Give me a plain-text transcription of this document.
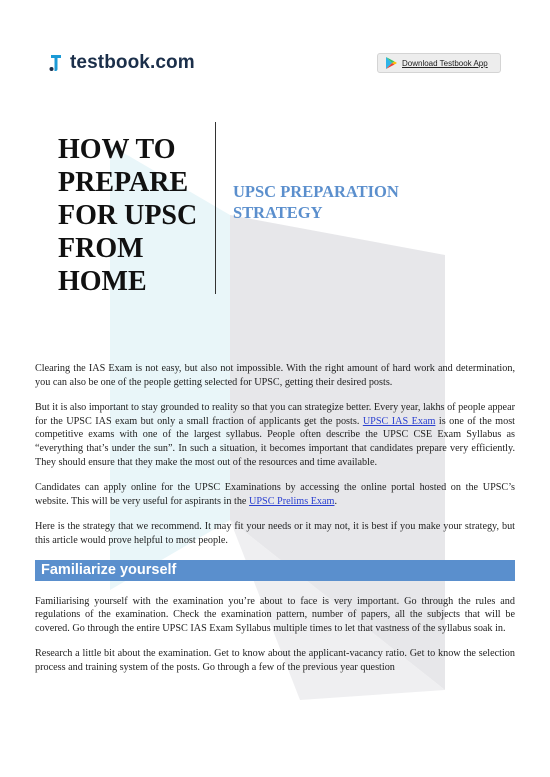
testbook.com	Download Testbook App
HOW TO
PREPARE
FOR UPSC
FROM
HOME
UPSC PREPARATION
STRATEGY

Clearing the IAS Exam is not easy, but also not impossible. With the right amount of hard work and determination, you can also be one of the people getting selected for UPSC, getting their desired posts.

But it is also important to stay grounded to reality so that you can strategize better. Every year, lakhs of people appear for the UPSC IAS exam but only a small fraction of applicants get the posts. UPSC IAS Exam is one of the most competitive exams with one of the largest syllabus. People often describe the UPSC CSE Exam Syllabus as “everything that’s under the sun”. In such a situation, it becomes important that candidates prepare very efficiently. They should ensure that they make the most out of the resources and time available.

Candidates can apply online for the UPSC Examinations by accessing the online portal hosted on the UPSC’s website. This will be very useful for aspirants in the UPSC Prelims Exam.

Here is the strategy that we recommend. It may fit your needs or it may not, it is best if you make your strategy, but this article would prove helpful to most people.

Familiarize yourself

Familiarising yourself with the examination you’re about to face is very important. Go through the rules and regulations of the examination. Check the examination pattern, number of papers, all the subjects that will be covered. Go through the entire UPSC IAS Exam Syllabus multiple times to let that vastness of the syllabus soak in.

Research a little bit about the examination. Get to know about the applicant-vacancy ratio. Get to know the selection process and training system of the posts. Go through a few of the previous year question
